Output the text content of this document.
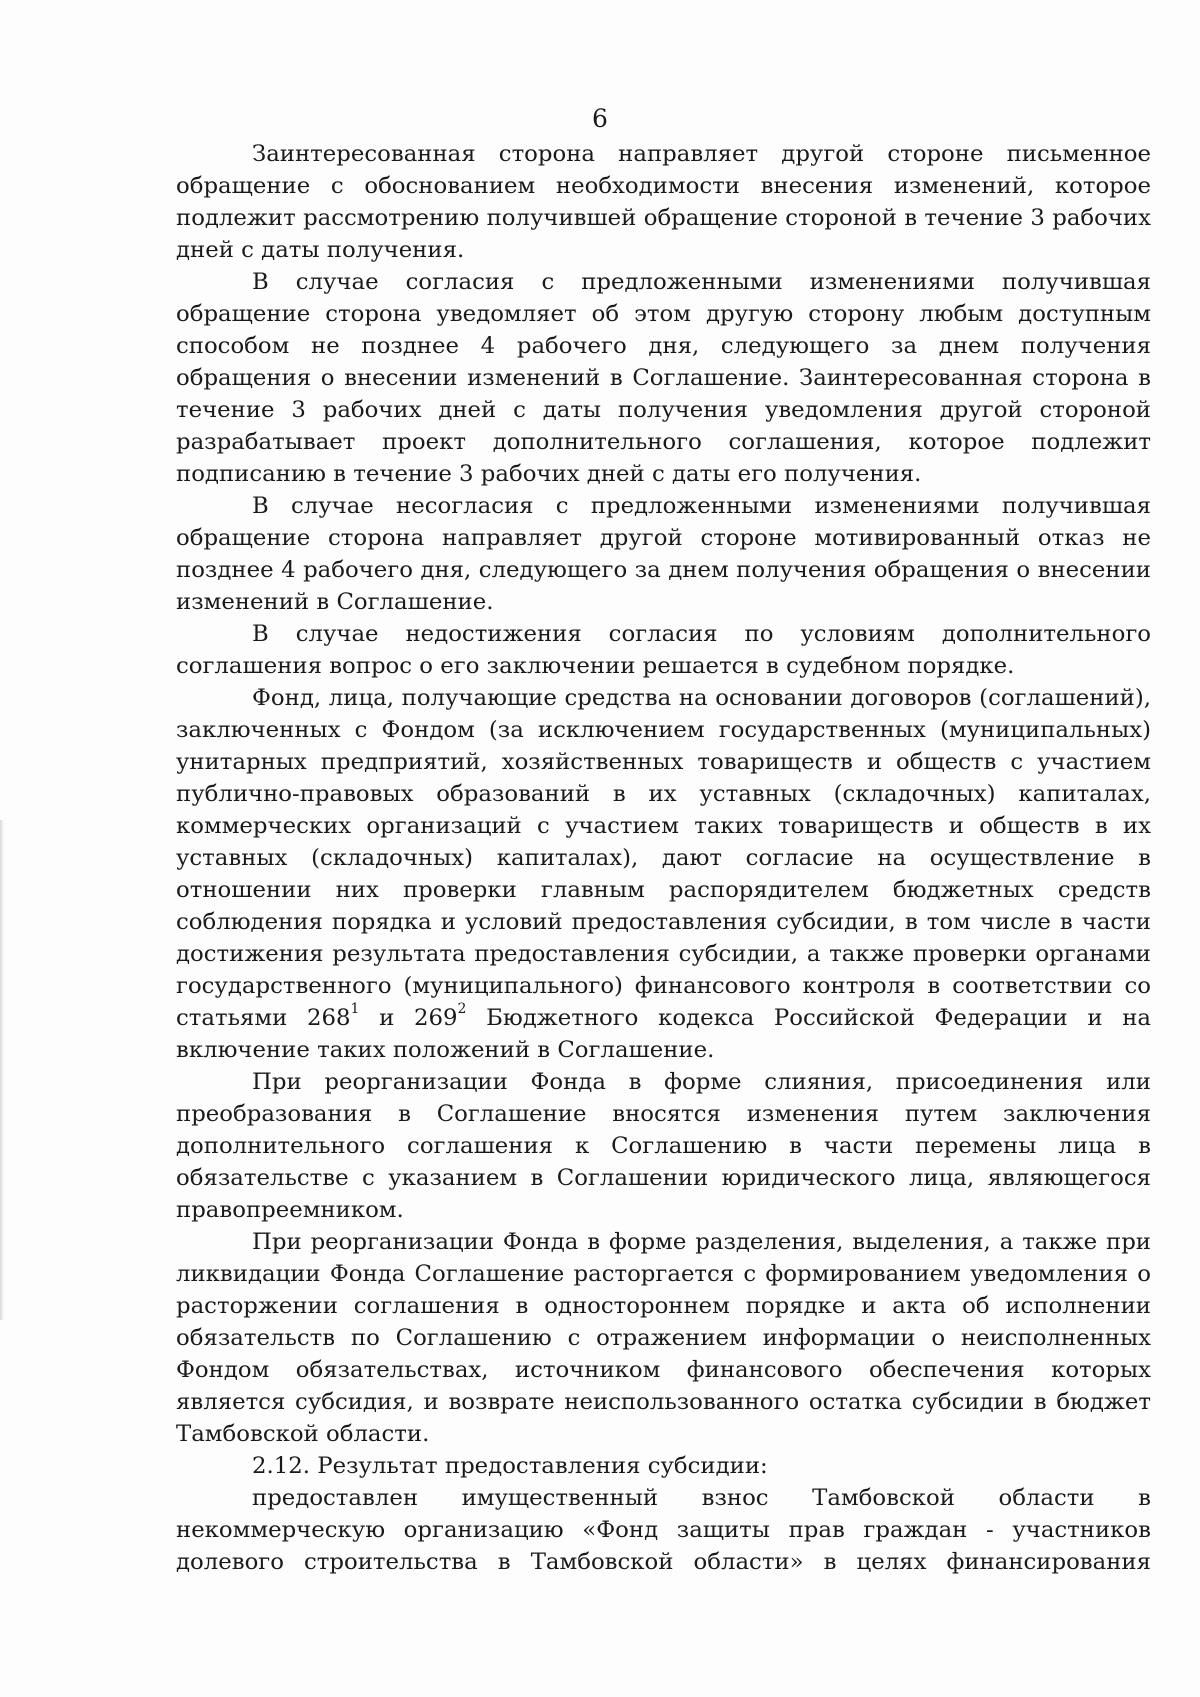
6

Заинтересованная сторона направляет другой стороне письменное обращение с обоснованием необходимости внесения изменений, которое подлежит рассмотрению получившей обращение стороной в течение 3 рабочих дней с даты получения.

В случае согласия с предложенными изменениями получившая обращение сторона уведомляет об этом другую сторону любым доступным способом не позднее 4 рабочего дня, следующего за днем получения обращения о внесении изменений в Соглашение. Заинтересованная сторона в течение 3 рабочих дней с даты получения уведомления другой стороной разрабатывает проект дополнительного соглашения, которое подлежит подписанию в течение 3 рабочих дней с даты его получения.

В случае несогласия с предложенными изменениями получившая обращение сторона направляет другой стороне мотивированный отказ не позднее 4 рабочего дня, следующего за днем получения обращения о внесении изменений в Соглашение.

В случае недостижения согласия по условиям дополнительного соглашения вопрос о его заключении решается в судебном порядке.

Фонд, лица, получающие средства на основании договоров (соглашений), заключенных с Фондом (за исключением государственных (муниципальных) унитарных предприятий, хозяйственных товариществ и обществ с участием публично-правовых образований в их уставных (складочных) капиталах, коммерческих организаций с участием таких товариществ и обществ в их уставных (складочных) капиталах), дают согласие на осуществление в отношении них проверки главным распорядителем бюджетных средств соблюдения порядка и условий предоставления субсидии, в том числе в части достижения результата предоставления субсидии, а также проверки органами государственного (муниципального) финансового контроля в соответствии со статьями $268^1$ и $269^2$ Бюджетного кодекса Российской Федерации и на включение таких положений в Соглашение.

При реорганизации Фонда в форме слияния, присоединения или преобразования в Соглашение вносятся изменения путем заключения дополнительного соглашения к Соглашению в части перемены лица в обязательстве с указанием в Соглашении юридического лица, являющегося правопреемником.

При реорганизации Фонда в форме разделения, выделения, а также при ликвидации Фонда Соглашение расторгается с формированием уведомления о расторжении соглашения в одностороннем порядке и акта об исполнении обязательств по Соглашению с отражением информации о неисполненных Фондом обязательствах, источником финансового обеспечения которых является субсидия, и возврате неиспользованного остатка субсидии в бюджет Тамбовской области.

2.12. Результат предоставления субсидии:

предоставлен имущественный взнос Тамбовской области в некоммерческую организацию «Фонд защиты прав граждан - участников долевого строительства в Тамбовской области» в целях финансирования
